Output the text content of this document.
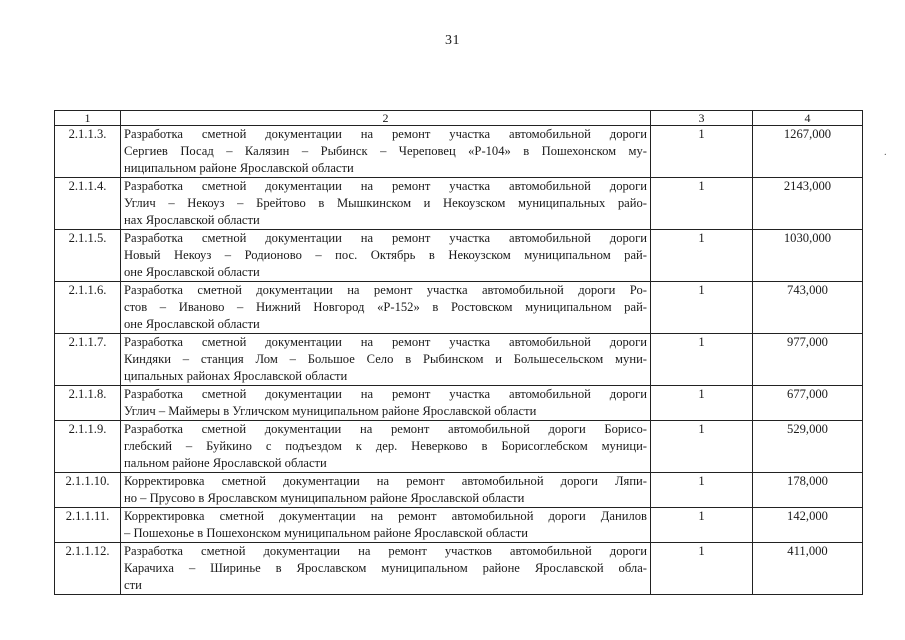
31
·
1	2	3	4
2.1.1.3.	Разработка сметной документации на ремонт участка автомобильной дороги
Сергиев Посад – Калязин – Рыбинск – Череповец «Р-104» в Пошехонском му-
ниципальном районе Ярославской области	1	1267,000
2.1.1.4.	Разработка сметной документации на ремонт участка автомобильной дороги
Углич – Некоуз – Брейтово в Мышкинском и Некоузском муниципальных райо-
нах Ярославской области	1	2143,000
2.1.1.5.	Разработка сметной документации на ремонт участка автомобильной дороги
Новый Некоуз – Родионово – пос. Октябрь в Некоузском муниципальном рай-
оне Ярославской области	1	1030,000
2.1.1.6.	Разработка сметной документации на ремонт участка автомобильной дороги Ро-
стов – Иваново – Нижний Новгород «Р-152» в Ростовском муниципальном рай-
оне Ярославской области	1	743,000
2.1.1.7.	Разработка сметной документации на ремонт участка автомобильной дороги
Киндяки – станция Лом – Большое Село в Рыбинском и Большесельском муни-
ципальных районах Ярославской области	1	977,000
2.1.1.8.	Разработка сметной документации на ремонт участка автомобильной дороги
Углич – Маймеры в Угличском муниципальном районе Ярославской области	1	677,000
2.1.1.9.	Разработка сметной документации на ремонт автомобильной дороги Борисо-
глебский – Буйкино с подъездом к дер. Неверково в Борисоглебском муници-
пальном районе Ярославской области	1	529,000
2.1.1.10.	Корректировка сметной документации на ремонт автомобильной дороги Ляпи-
но – Прусово в Ярославском муниципальном районе Ярославской области	1	178,000
2.1.1.11.	Корректировка сметной документации на ремонт автомобильной дороги Данилов
– Пошехонье в Пошехонском муниципальном районе Ярославской области	1	142,000
2.1.1.12.	Разработка сметной документации на ремонт участков автомобильной дороги
Карачиха – Ширинье в Ярославском муниципальном районе Ярославской обла-
сти	1	411,000
